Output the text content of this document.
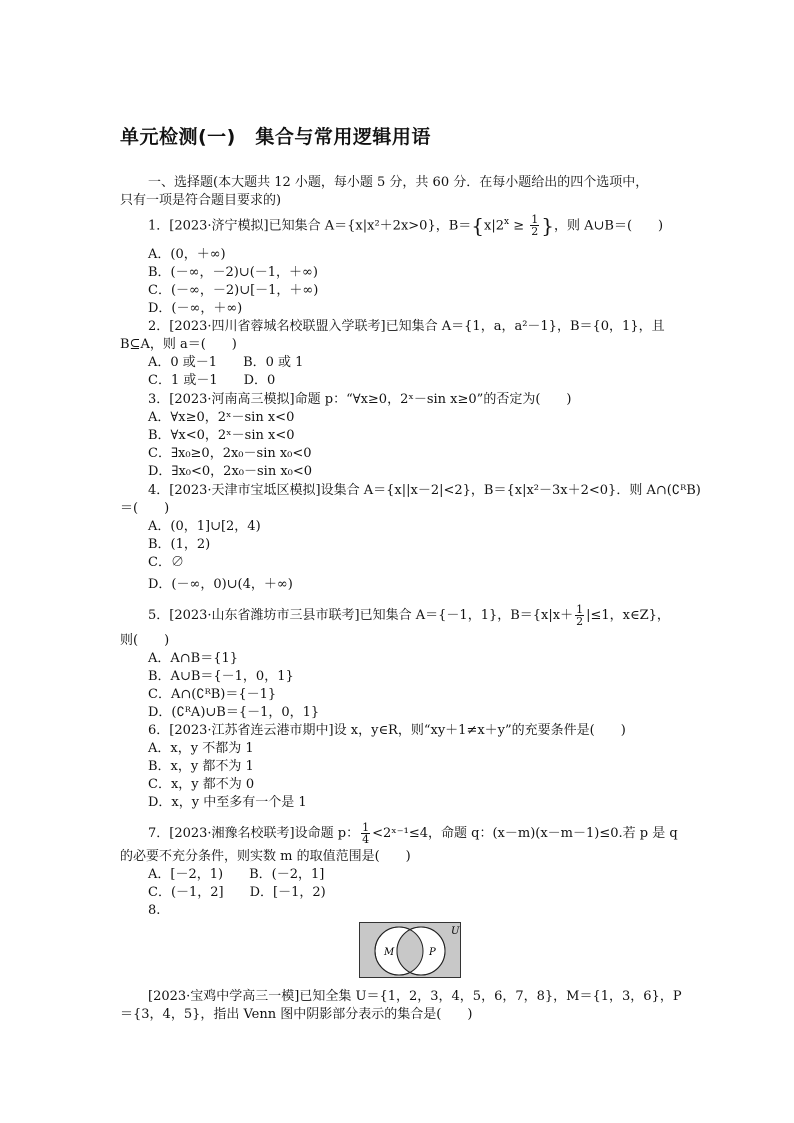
单元检测(一)　集合与常用逻辑用语
一、选择题(本大题共 12 小题，每小题 5 分，共 60 分．在每小题给出的四个选项中，
只有一项是符合题目要求的)
1．[2023·济宁模拟]已知集合 A＝{x|x²＋2x>0}，$B=\{x|2^x \ge \frac{1}{2}$ }，则 A∪B＝(　　)
A．(0，＋∞)
B．(－∞，－2)∪(－1，＋∞)
C．(－∞，－2)∪[－1，＋∞)
D．(－∞，＋∞)
2．[2023·四川省蓉城名校联盟入学联考]已知集合 A＝{1，a，a²－1}，B＝{0，1}，且
B⊆A，则 a＝(　　)
A．0 或－1　　B．0 或 1
C．1 或－1　　D．0
3．[2023·河南高三模拟]命题 p：“∀x≥0，2ˣ－sin x≥0”的否定为(　　)
A．∀x≥0，2ˣ－sin x<0
B．∀x<0，2ˣ－sin x<0
C．∃x₀≥0，2x₀－sin x₀<0
D．∃x₀<0，2x₀－sin x₀<0
4．[2023·天津市宝坻区模拟]设集合 A＝{x||x－2|<2}，B＝{x|x²－3x＋2<0}．则 A∩(∁ᴿB)
＝(　　)
A．(0，1]∪[2，4)
B．(1，2)
C．∅
D．(－∞，0)∪(4，＋∞)
5．[2023·山东省潍坊市三县市联考]已知集合 A＝{－1，1}，$B=\{x|x+ \frac{1}{2} |\le 1$，x∈Z}，
则(　　)
A．A∩B＝{1}
B．A∪B＝{－1，0，1}
C．A∩(∁ᴿB)＝{－1}
D．(∁ᴿA)∪B＝{－1，0，1}
6．[2023·江苏省连云港市期中]设 x，y∈R，则“xy＋1≠x＋y”的充要条件是(　　)
A．x，y 不都为 1
B．x，y 都不为 1
C．x，y 都不为 0
D．x，y 中至多有一个是 1
7．[2023·湘豫名校联考]设命题 p： $\frac{1}{4}$ <2ˣ⁻¹≤4，命题 q：(x－m)(x－m－1)≤0.若 p 是 q
的必要不充分条件，则实数 m 的取值范围是(　　)
A．[－2，1)　　B．(－2，1]
C．(－1，2]　　D．[－1，2)
8.
U
M	P
[2023·宝鸡中学高三一模]已知全集 U＝{1，2，3，4，5，6，7，8}，M＝{1，3，6}，P
＝{3，4，5}，指出 Venn 图中阴影部分表示的集合是(　　)
